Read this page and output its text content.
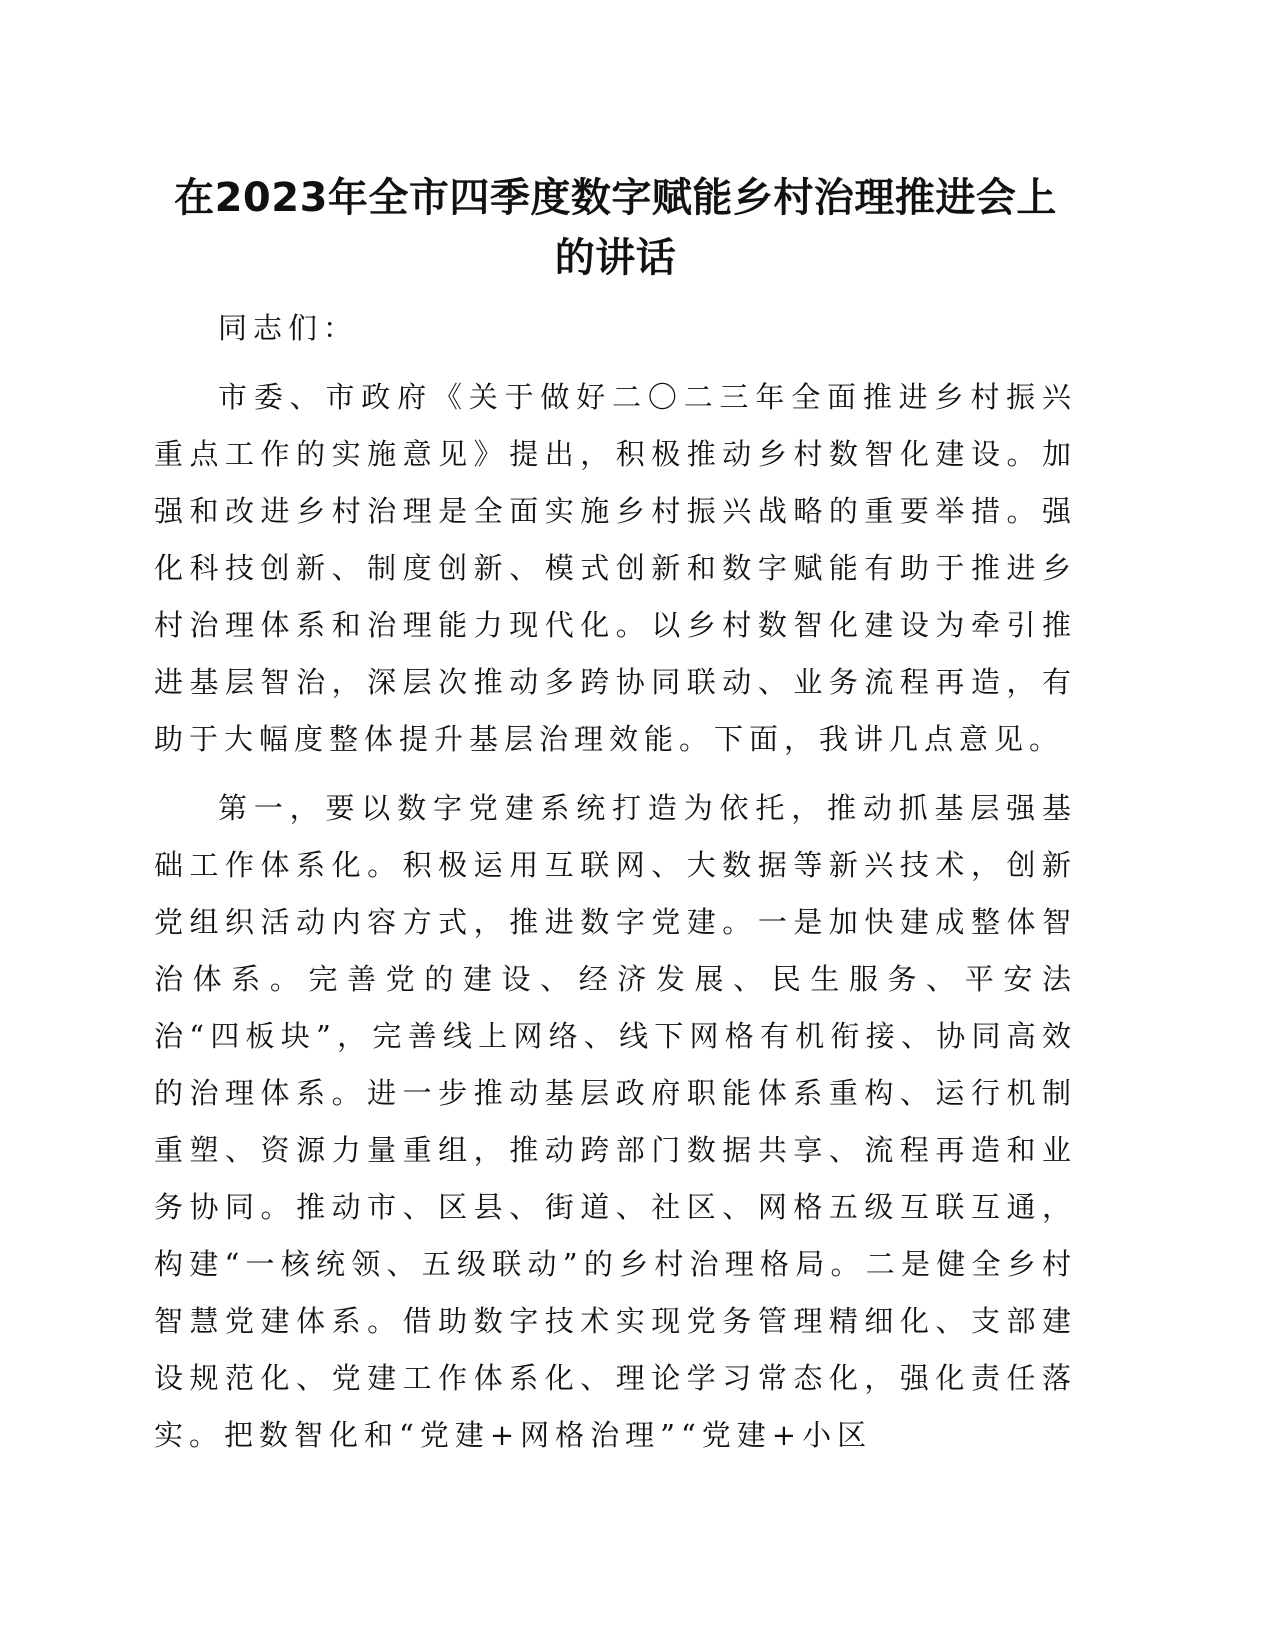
在2023年全市四季度数字赋能乡村治理推进会上
的讲话

同志们：

市委、市政府《关于做好二〇二三年全面推进乡村振兴重点工作的实施意见》提出，积极推动乡村数智化建设。加强和改进乡村治理是全面实施乡村振兴战略的重要举措。强化科技创新、制度创新、模式创新和数字赋能有助于推进乡村治理体系和治理能力现代化。以乡村数智化建设为牵引推进基层智治，深层次推动多跨协同联动、业务流程再造，有助于大幅度整体提升基层治理效能。下面，我讲几点意见。

第一，要以数字党建系统打造为依托，推动抓基层强基础工作体系化。积极运用互联网、大数据等新兴技术，创新党组织活动内容方式，推进数字党建。一是加快建成整体智治体系。完善党的建设、经济发展、民生服务、平安法治“四板块”，完善线上网络、线下网格有机衔接、协同高效的治理体系。进一步推动基层政府职能体系重构、运行机制重塑、资源力量重组，推动跨部门数据共享、流程再造和业务协同。推动市、区县、街道、社区、网格五级互联互通，构建“一核统领、五级联动”的乡村治理格局。二是健全乡村智慧党建体系。借助数字技术实现党务管理精细化、支部建设规范化、党建工作体系化、理论学习常态化，强化责任落实。把数智化和“党建+网格治理”“党建+小区
